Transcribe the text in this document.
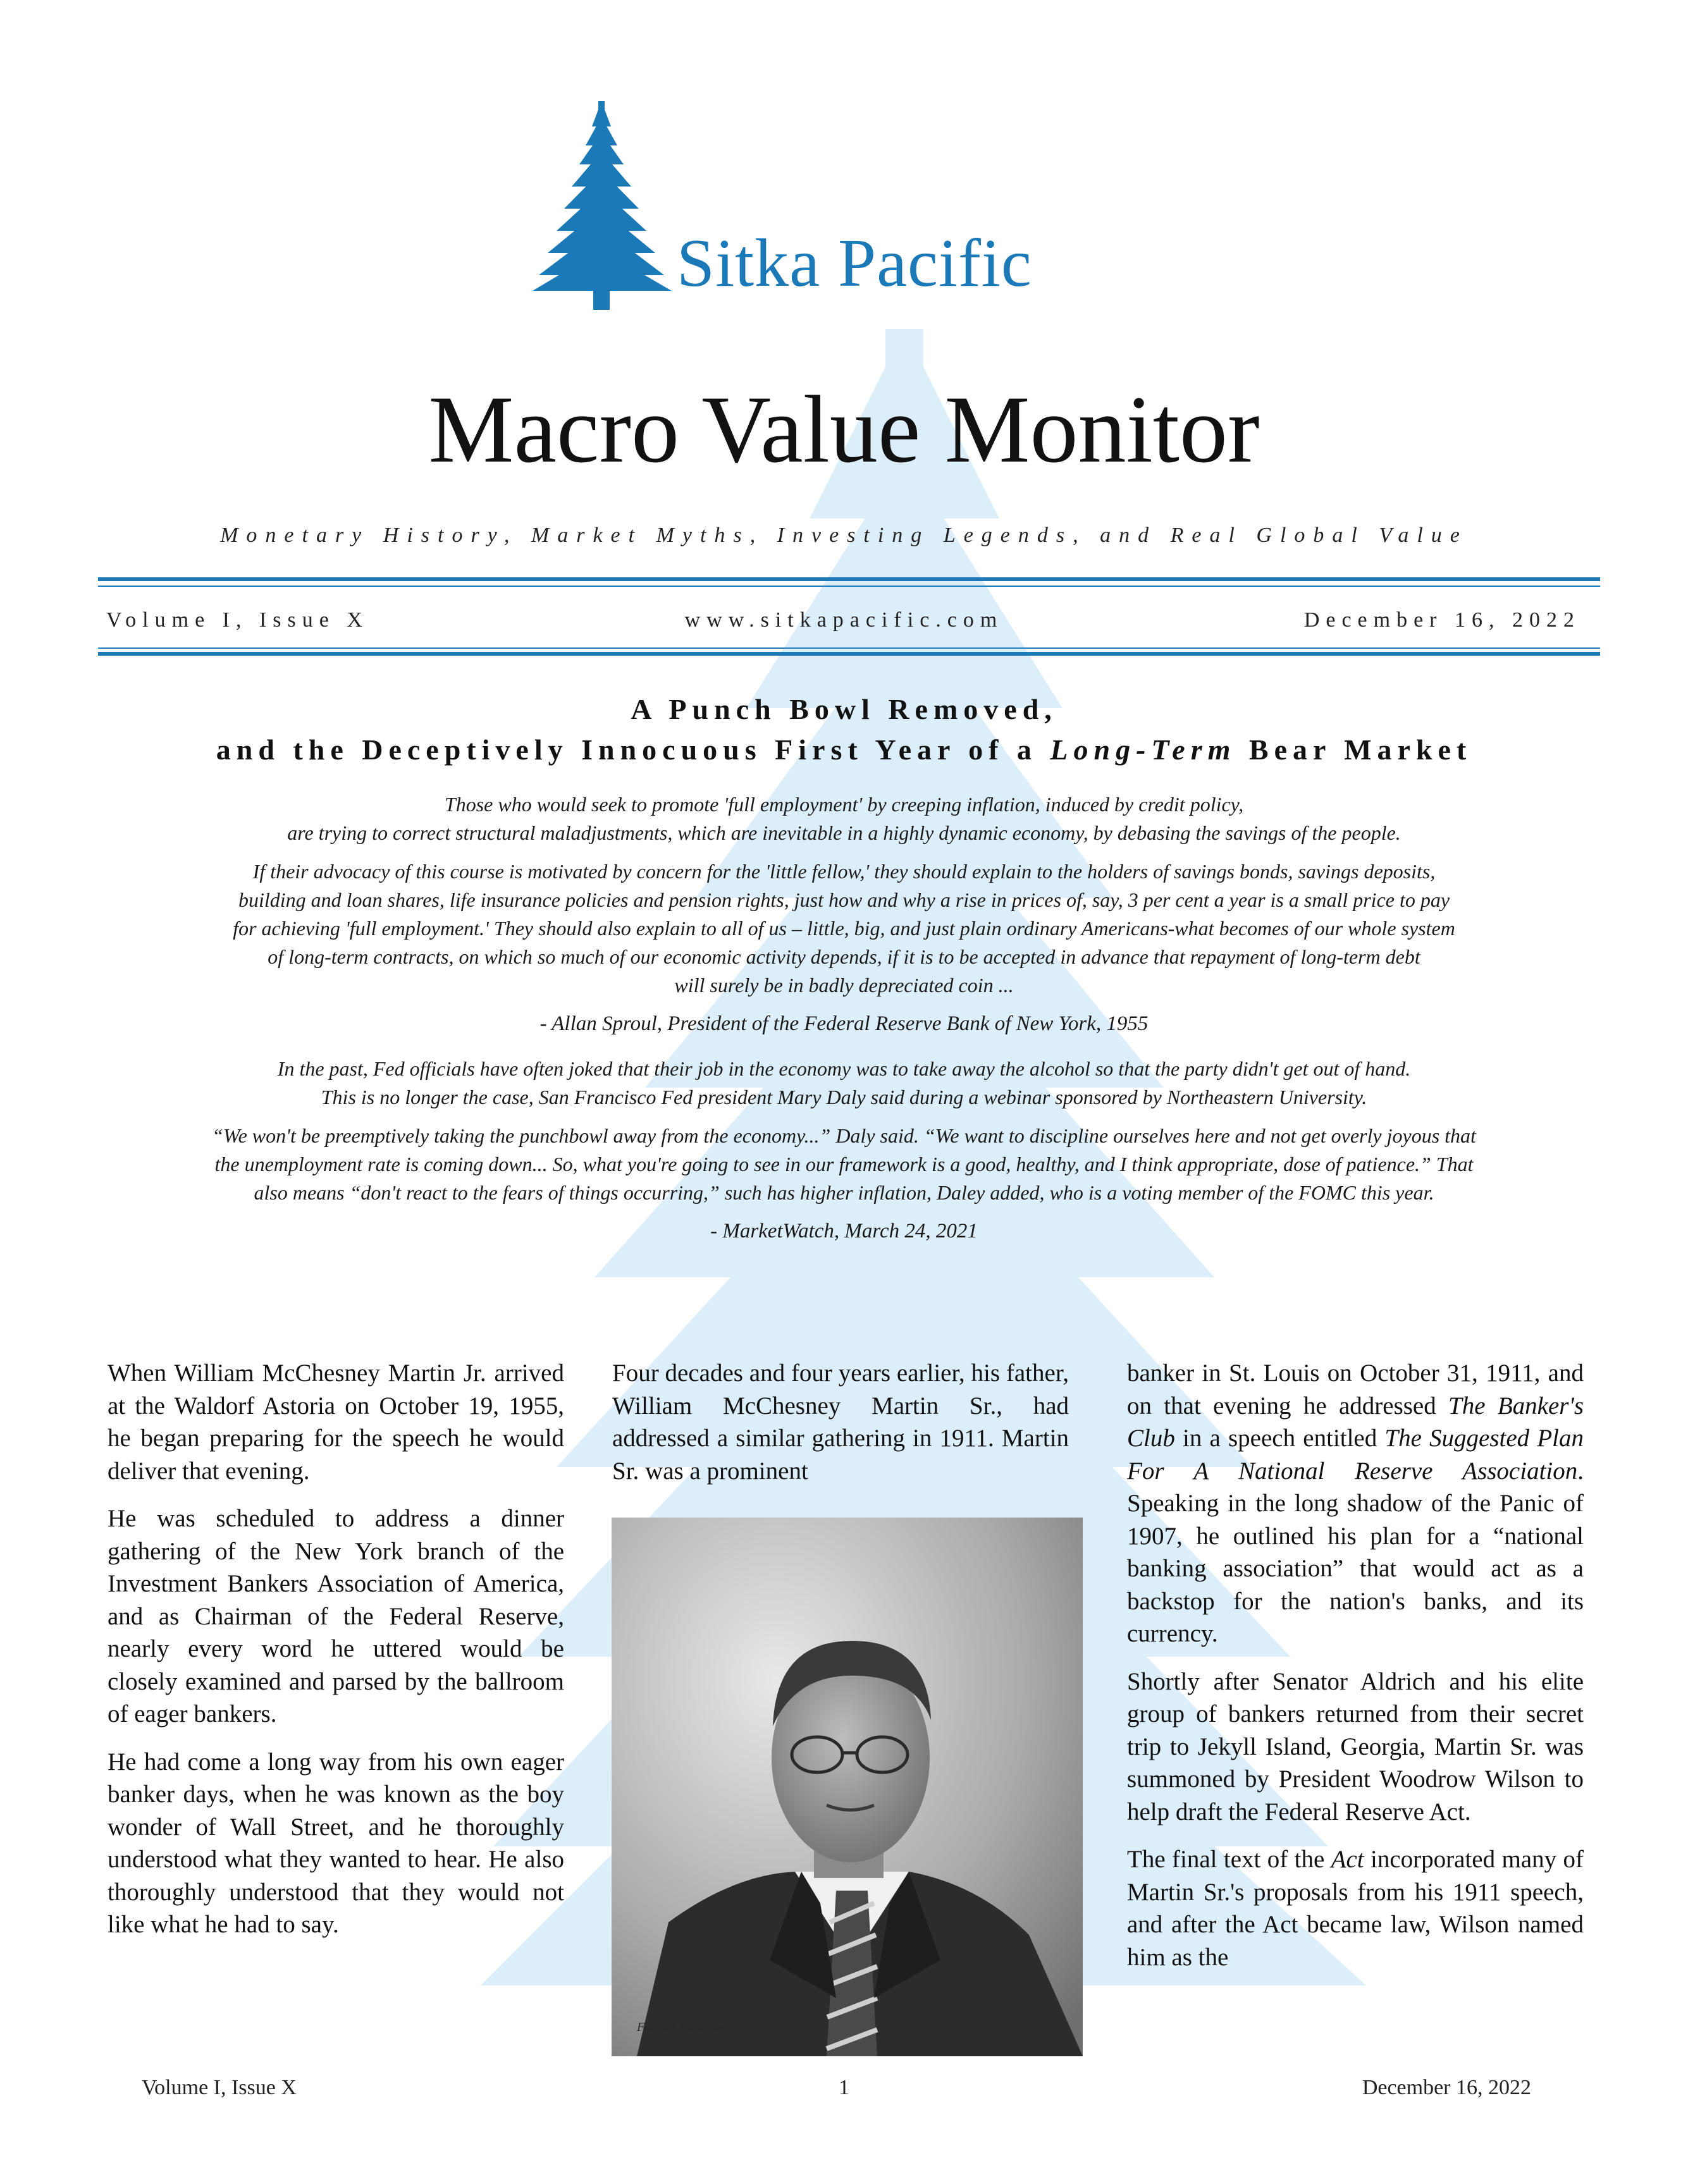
Sitka Pacific
Macro Value Monitor
Monetary History, Market Myths, Investing Legends, and Real Global Value
Volume I, Issue X	www.sitkapacific.com	December 16, 2022
A Punch Bowl Removed,
and the Deceptively Innocuous First Year of a Long-Term Bear Market

Those who would seek to promote 'full employment' by creeping inflation, induced by credit policy,
are trying to correct structural maladjustments, which are inevitable in a highly dynamic economy, by debasing the savings of the people.

If their advocacy of this course is motivated by concern for the 'little fellow,' they should explain to the holders of savings bonds, savings deposits,
building and loan shares, life insurance policies and pension rights, just how and why a rise in prices of, say, 3 per cent a year is a small price to pay
for achieving 'full employment.' They should also explain to all of us – little, big, and just plain ordinary Americans-what becomes of our whole system
of long-term contracts, on which so much of our economic activity depends, if it is to be accepted in advance that repayment of long-term debt
will surely be in badly depreciated coin ...

- Allan Sproul, President of the Federal Reserve Bank of New York, 1955

In the past, Fed officials have often joked that their job in the economy was to take away the alcohol so that the party didn't get out of hand.
This is no longer the case, San Francisco Fed president Mary Daly said during a webinar sponsored by Northeastern University.

“We won't be preemptively taking the punchbowl away from the economy...” Daly said. “We want to discipline ourselves here and not get overly joyous that
the unemployment rate is coming down... So, what you're going to see in our framework is a good, healthy, and I think appropriate, dose of patience.” That
also means “don't react to the fears of things occurring,” such has higher inflation, Daley added, who is a voting member of the FOMC this year.

- MarketWatch, March 24, 2021

When William McChesney Martin Jr. arrived at the Waldorf Astoria on October 19, 1955, he began preparing for the speech he would deliver that evening.

He was scheduled to address a dinner gathering of the New York branch of the Investment Bankers Association of America, and as Chairman of the Federal Reserve, nearly every word he uttered would be closely examined and parsed by the ballroom of eager bankers.

He had come a long way from his own eager banker days, when he was known as the boy wonder of Wall Street, and he thoroughly understood what they wanted to hear. He also thoroughly understood that they would not like what he had to say.

Four decades and four years earlier, his father, William McChesney Martin Sr., had addressed a similar gathering in 1911. Martin Sr. was a prominent

Fabian Bachrach

banker in St. Louis on October 31, 1911, and on that evening he addressed The Banker's Club in a speech entitled The Suggested Plan For A National Reserve Association. Speaking in the long shadow of the Panic of 1907, he outlined his plan for a “national banking association” that would act as a backstop for the nation's banks, and its currency.

Shortly after Senator Aldrich and his elite group of bankers returned from their secret trip to Jekyll Island, Georgia, Martin Sr. was summoned by President Woodrow Wilson to help draft the Federal Reserve Act.

The final text of the Act incorporated many of Martin Sr.'s proposals from his 1911 speech, and after the Act became law, Wilson named him as the

Volume I, Issue X	1	December 16, 2022
